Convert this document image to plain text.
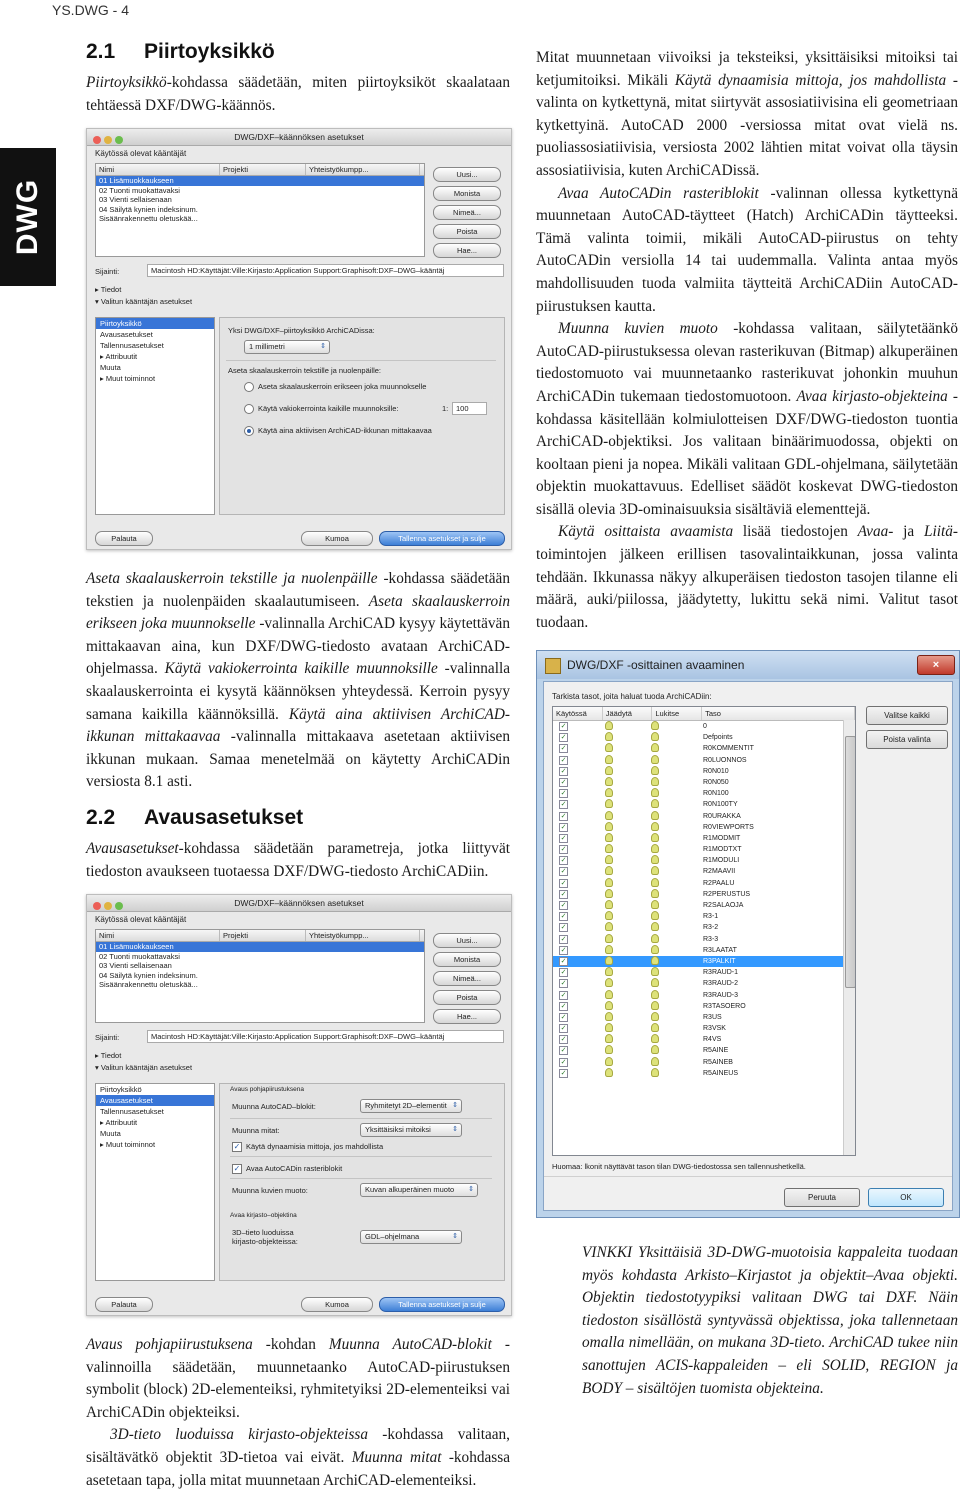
YS.DWG - 4
DWG
2.1 Piirtoyksikkö
Piirtoyksikkö-kohdassa säädetään, miten piirtoyksiköt skaalataan tehtäessä DXF/DWG-käännös.
DWG/DXF–käännöksen asetukset
Käytössä olevat kääntäjät
Nimi	Projekti	Yhteistyökumpp...
01 Lisämuokkaukseen
02 Tuonti muokattavaksi
03 Vienti sellaisenaan
04 Säilytä kynien indeksinum.
Sisäänrakennettu oletuskää...
Uusi...
Monista
Nimeä...
Poista
Hae...
Sijainti:	Macintosh HD:Käyttäjät:Ville:Kirjasto:Application Support:Graphisoft:DXF–DWG–kääntäj
▸ Tiedot
▾ Valitun kääntäjän asetukset
Piirtoyksikkö
Avausasetukset
Tallennusasetukset
▸ Attribuutit
Muuta
▸ Muut toiminnot
Yksi DWG/DXF–piirtoyksikkö ArchiCADissa:
1 millimetri ⇕
Aseta skaalauskerroin tekstille ja nuolenpäille:
Aseta skaalauskerroin erikseen joka muunnokselle
Käytä vakiokerrointa kaikille muunnoksille:	1:	100
Käytä aina aktiivisen ArchiCAD-ikkunan mittakaavaa
Palauta	Kumoa	Tallenna asetukset ja sulje
Aseta skaalauskerroin tekstille ja nuolenpäille -kohdassa säädetään tekstien ja nuolenpäiden skaalautumiseen. Aseta skaalauskerroin erikseen joka muunnokselle -valinnalla ArchiCAD kysyy käytettävän mittakaavan aina, kun DXF/DWG-tiedosto avataan ArchiCAD-ohjelmassa. Käytä vakiokerrointa kaikille muunnoksille -valinnalla skaalauskerrointa ei kysytä käännöksen yhteydessä. Kerroin pysyy samana kaikilla käännöksillä. Käytä aina aktiivisen ArchiCAD-ikkunan mittakaavaa -valinnalla mittakaava asetetaan aktiivisen ikkunan mukaan. Samaa menetelmää on käytetty ArchiCADin versiosta 8.1 asti.
2.2 Avausasetukset
Avausasetukset-kohdassa säädetään parametreja, jotka liittyvät tiedoston avaukseen tuotaessa DXF/DWG-tiedosto ArchiCADiin.
DWG/DXF–käännöksen asetukset
Käytössä olevat kääntäjät
Nimi	Projekti	Yhteistyökumpp...
01 Lisämuokkaukseen
02 Tuonti muokattavaksi
03 Vienti sellaisenaan
04 Säilytä kynien indeksinum.
Sisäänrakennettu oletuskää...
Uusi...
Monista
Nimeä...
Poista
Hae...
Sijainti:	Macintosh HD:Käyttäjät:Ville:Kirjasto:Application Support:Graphisoft:DXF–DWG–kääntäj
▸ Tiedot
▾ Valitun kääntäjän asetukset
Piirtoyksikkö
Avausasetukset
Tallennusasetukset
▸ Attribuutit
Muuta
▸ Muut toiminnot
Avaus pohjapiirustuksena
Muunna AutoCAD–blokit:	Ryhmitetyt 2D–elementit ⇕
Muunna mitat:	Yksittäisiksi mitoiksi ⇕
✓ Käytä dynaamisia mittoja, jos mahdollista
✓ Avaa AutoCADin rasteriblokit
Muunna kuvien muoto:	Kuvan alkuperäinen muoto ⇕
Avaa kirjasto–objektina
3D–tieto luoduissa kirjasto-objekteissa:
GDL–ohjelmana ⇕
Palauta	Kumoa	Tallenna asetukset ja sulje
Avaus pohjapiirustuksena -kohdan Muunna AutoCAD-blokit -valinnoilla säädetään, muunnetaanko AutoCAD-piirustuksen symbolit (block) 2D-elementeiksi, ryhmitetyiksi 2D-elementeiksi vai ArchiCADin objekteiksi.
3D-tieto luoduissa kirjasto-objekteissa -kohdassa valitaan, sisältävätkö objektit 3D-tietoa vai eivät. Muunna mitat -kohdassa asetetaan tapa, jolla mitat muunnetaan ArchiCAD-elementeiksi.
Mitat muunnetaan viivoiksi ja teksteiksi, yksittäisiksi mitoiksi tai ketjumitoiksi. Mikäli Käytä dynaamisia mittoja, jos mahdollista -valinta on kytkettynä, mitat siirtyvät assosiatiivisina eli geometriaan kytkettyinä. AutoCAD 2000 -versiossa mitat ovat vielä ns. puoliassosiatiivisia, versiosta 2002 lähtien mitat voivat olla täysin assosiatiivisia, kuten ArchiCADissä.
Avaa AutoCADin rasteriblokit -valinnan ollessa kytkettynä muunnetaan AutoCAD-täytteet (Hatch) ArchiCADin täytteeksi. Tämä valinta toimii, mikäli AutoCAD-piirustus on tehty AutoCADin versiolla 14 tai uudemmalla. Valinta antaa myös mahdollisuuden tuoda valmiita täytteitä ArchiCADiin AutoCAD-piirustuksen kautta.
Muunna kuvien muoto -kohdassa valitaan, säilytetäänkö AutoCAD-piirustuksessa olevan rasterikuvan (Bitmap) alkuperäinen tiedostomuoto vai muunnetaanko rasterikuvat johonkin muuhun ArchiCADin tukemaan tiedostomuotoon. Avaa kirjasto-objekteina -kohdassa käsitellään kolmiulotteisen DXF/DWG-tiedoston tuontia ArchiCAD-objektiksi. Jos valitaan binäärimuodossa, objekti on kooltaan pieni ja nopea. Mikäli valitaan GDL-ohjelmana, säilytetään objektin muokattavuus. Edelliset säädöt koskevat DWG-tiedoston sisällä olevia 3D-ominaisuuksia sisältäviä elementtejä.
Käytä osittaista avaamista lisää tiedostojen Avaa- ja Liitä-toimintojen jälkeen erillisen tasovalintaikkunan, jossa valinta tehdään. Ikkunassa näkyy alkuperäisen tiedoston tasojen tilanne eli määrä, auki/piilossa, jäädytetty, lukittu sekä nimi. Valitut tasot tuodaan.
DWG/DXF -osittainen avaaminen	×
Tarkista tasot, joita haluat tuoda ArchiCADiin:
Käytössä	Jäädytä	Lukitse	Taso
✓	0
✓	Defpoints
✓	R0KOMMENTIT
✓	R0LUONNOS
✓	R0N010
✓	R0N050
✓	R0N100
✓	R0N100TY
✓	R0URAKKA
✓	R0VIEWPORTS
✓	R1MODMIT
✓	R1MODTXT
✓	R1MODULI
✓	R2MAAVII
✓	R2PAALU
✓	R2PERUSTUS
✓	R2SALAOJA
✓	R3-1
✓	R3-2
✓	R3-3
✓	R3LAATAT
✓	R3PALKIT
✓	R3RAUD-1
✓	R3RAUD-2
✓	R3RAUD-3
✓	R3TASOERO
✓	R3US
✓	R3VSK
✓	R4VS
✓	R5AINE
✓	R5AINEB
✓	R5AINEUS
Valitse kaikki
Poista valinta
Huomaa: lkonit näyttävät tason tilan DWG-tiedostossa sen tallennushetkellä.
Peruuta	OK
VINKKI Yksittäisiä 3D-DWG-muotoisia kappaleita tuodaan myös kohdasta Arkisto–Kirjastot ja objektit–Avaa objekti. Objektin tiedostotyypiksi valitaan DWG tai DXF. Näin tiedoston sisällöstä syntyvässä objektissa, joka tallennetaan omalla nimellään, on mukana 3D-tieto. ArchiCAD tukee niin sanottujen ACIS-kappaleiden – eli SOLID, REGION ja BODY – sisältöjen tuomista objekteina.
